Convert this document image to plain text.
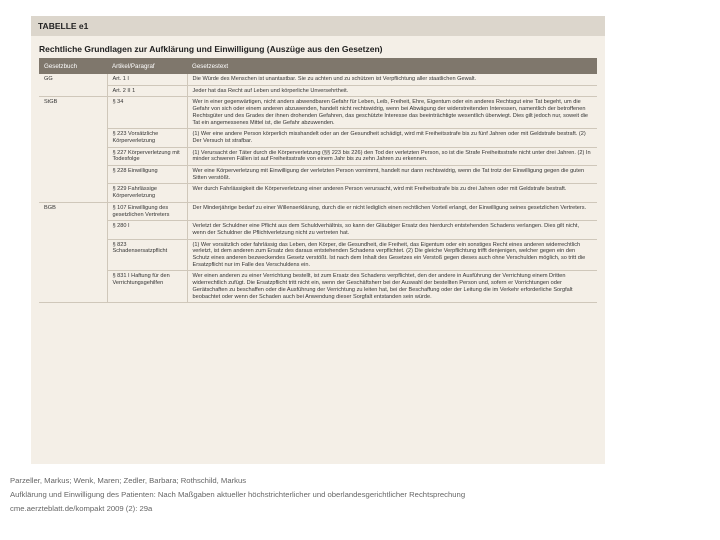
TABELLE e1
Rechtliche Grundlagen zur Aufklärung und Einwilligung (Auszüge aus den Gesetzen)
Gesetzbuch	Artikel/Paragraf	Gesetzestext
GG	Art. 1 I	Die Würde des Menschen ist unantastbar. Sie zu achten und zu schützen ist Verpflichtung aller staatlichen Gewalt.
	Art. 2 II 1	Jeder hat das Recht auf Leben und körperliche Unversehrtheit.
StGB	§ 34	Wer in einer gegenwärtigen, nicht anders abwendbaren Gefahr für Leben, Leib, Freiheit, Ehre, Eigentum oder ein anderes Rechtsgut eine Tat begeht, um die Gefahr von sich oder einem anderen abzuwenden, handelt nicht rechtswidrig, wenn bei Abwägung der widerstreitenden Interessen, namentlich der betroffenen Rechtsgüter und des Grades der ihnen drohenden Gefahren, das geschützte Interesse das beeinträchtigte wesentlich überwiegt. Dies gilt jedoch nur, soweit die Tat ein angemessenes Mittel ist, die Gefahr abzuwenden.
	§ 223 Vorsätzliche Körperverletzung	(1) Wer eine andere Person körperlich misshandelt oder an der Gesundheit schädigt, wird mit Freiheitsstrafe bis zu fünf Jahren oder mit Geldstrafe bestraft. (2) Der Versuch ist strafbar.
	§ 227 Körperverletzung mit Todesfolge	(1) Verursacht der Täter durch die Körperverletzung (§§ 223 bis 226) den Tod der verletzten Person, so ist die Strafe Freiheitsstrafe nicht unter drei Jahren. (2) In minder schweren Fällen ist auf Freiheitsstrafe von einem Jahr bis zu zehn Jahren zu erkennen.
	§ 228 Einwilligung	Wer eine Körperverletzung mit Einwilligung der verletzten Person vornimmt, handelt nur dann rechtswidrig, wenn die Tat trotz der Einwilligung gegen die guten Sitten verstößt.
	§ 229 Fahrlässige Körperverletzung	Wer durch Fahrlässigkeit die Körperverletzung einer anderen Person verursacht, wird mit Freiheitsstrafe bis zu drei Jahren oder mit Geldstrafe bestraft.
BGB	§ 107 Einwilligung des gesetzlichen Vertreters	Der Minderjährige bedarf zu einer Willenserklärung, durch die er nicht lediglich einen rechtlichen Vorteil erlangt, der Einwilligung seines gesetzlichen Vertreters.
	§ 280 I	Verletzt der Schuldner eine Pflicht aus dem Schuldverhältnis, so kann der Gläubiger Ersatz des hierdurch entstehenden Schadens verlangen. Dies gilt nicht, wenn der Schuldner die Pflichtverletzung nicht zu vertreten hat.
	§ 823 Schadensersatzpflicht	(1) Wer vorsätzlich oder fahrlässig das Leben, den Körper, die Gesundheit, die Freiheit, das Eigentum oder ein sonstiges Recht eines anderen widerrechtlich verletzt, ist dem anderen zum Ersatz des daraus entstehenden Schadens verpflichtet. (2) Die gleiche Verpflichtung trifft denjenigen, welcher gegen ein den Schutz eines anderen bezweckendes Gesetz verstößt. Ist nach dem Inhalt des Gesetzes ein Verstoß gegen dieses auch ohne Verschulden möglich, so tritt die Ersatzpflicht nur im Falle des Verschuldens ein.
	§ 831 I Haftung für den Verrichtungsgehilfen	Wer einen anderen zu einer Verrichtung bestellt, ist zum Ersatz des Schadens verpflichtet, den der andere in Ausführung der Verrichtung einem Dritten widerrechtlich zufügt. Die Ersatzpflicht tritt nicht ein, wenn der Geschäftsherr bei der Auswahl der bestellten Person und, sofern er Vorrichtungen oder Gerätschaften zu beschaffen oder die Ausführung der Verrichtung zu leiten hat, bei der Beschaffung oder der Leitung die im Verkehr erforderliche Sorgfalt beobachtet oder wenn der Schaden auch bei Anwendung dieser Sorgfalt entstanden sein würde.
Parzeller, Markus; Wenk, Maren; Zedler, Barbara; Rothschild, Markus
Aufklärung und Einwilligung des Patienten: Nach Maßgaben aktueller höchstrichterlicher und oberlandesgerichtlicher Rechtsprechung
cme.aerzteblatt.de/kompakt 2009 (2): 29a
